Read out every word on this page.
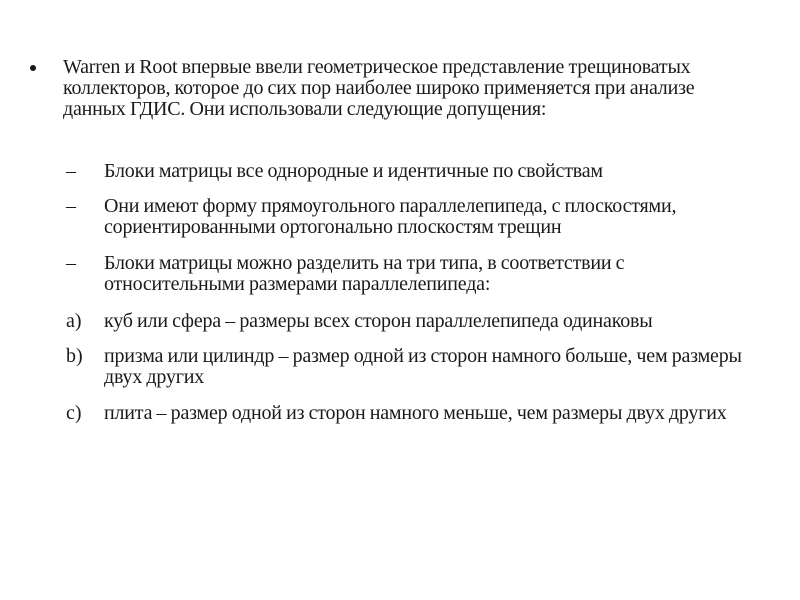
Warren и Root впервые ввели геометрическое представление трещиноватых коллекторов, которое до сих пор наиболее широко применяется при анализе данных ГДИС. Они использовали следующие допущения:
– Блоки матрицы все однородные и идентичные по свойствам
– Они имеют форму прямоугольного параллелепипеда, с плоскостями, сориентированными ортогонально плоскостям трещин
– Блоки матрицы можно разделить на три типа, в соответствии с относительными размерами параллелепипеда:
a) куб или сфера – размеры всех сторон параллелепипеда одинаковы
b) призма или цилиндр – размер одной из сторон намного больше, чем размеры двух других
c) плита – размер одной из сторон намного меньше, чем размеры двух других
